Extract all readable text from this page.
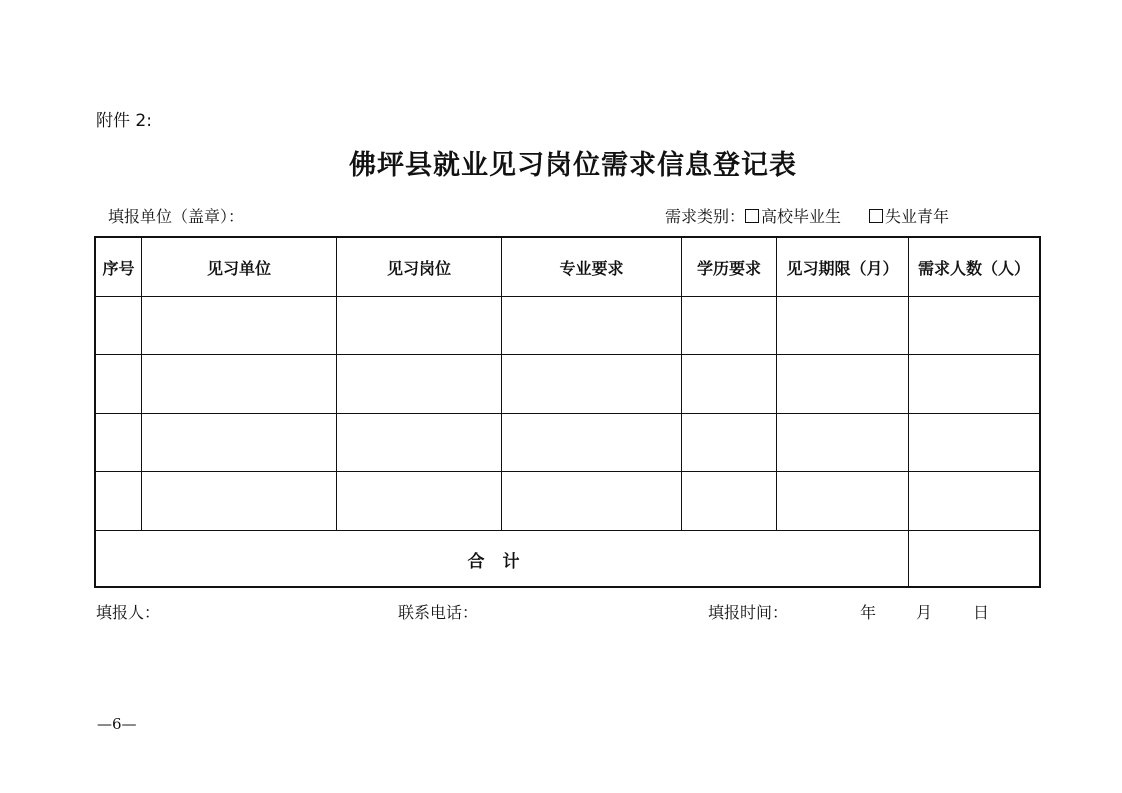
附件 2:
佛坪县就业见习岗位需求信息登记表
填报单位（盖章）：	需求类别： 高校毕业生	失业青年
序号	见习单位	见习岗位	专业要求	学历要求	见习期限（月）	需求人数（人）
合计
填报人：	联系电话：	填报时间：	年 月	日
—6—
